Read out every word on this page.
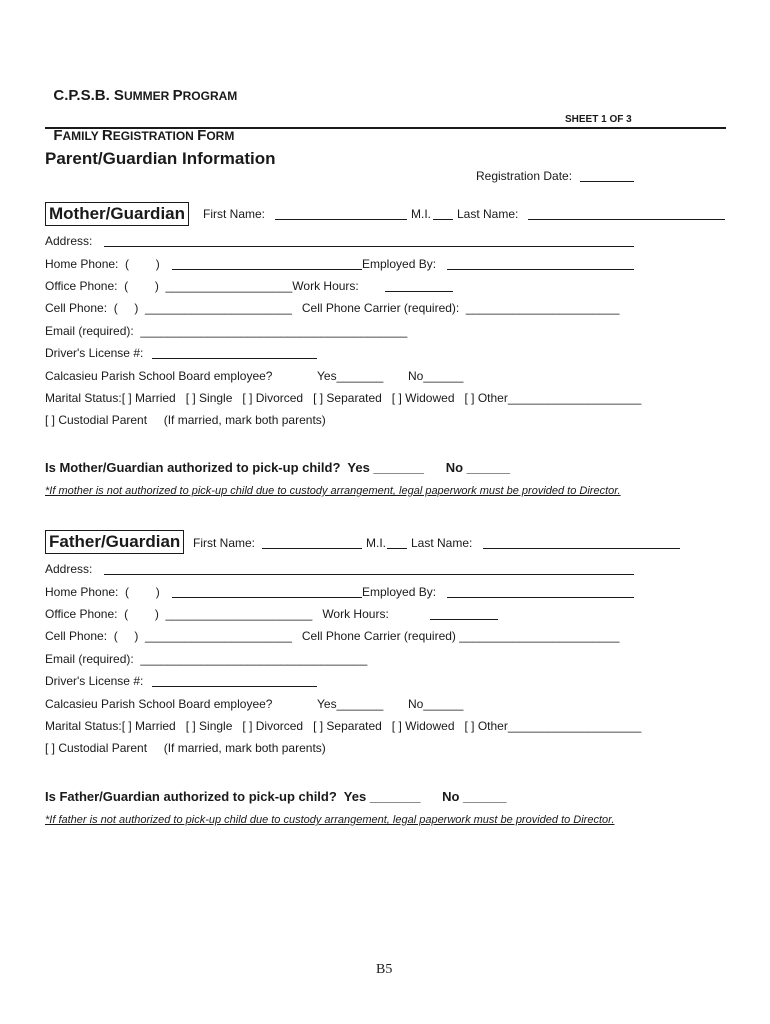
C.P.S.B. SUMMER PROGRAM

FAMILY REGISTRATION FORM

SHEET 1 OF 3
Parent/Guardian Information
Registration Date:
Mother/Guardian	First Name:	M.I. Last Name:
Address:
Home Phone:  (        )	Employed By:
Office Phone:  (        )  ___________________Work Hours:
Cell Phone:  (     )  ______________________   Cell Phone Carrier (required):  _______________________
Email (required):  ________________________________________
Driver's License #:
Calcasieu Parish School Board employee?	Yes_______ No______
Marital Status:[ ] Married   [ ] Single   [ ] Divorced   [ ] Separated   [ ] Widowed   [ ] Other____________________
[ ] Custodial Parent     (If married, mark both parents)
Is Mother/Guardian authorized to pick-up child?  Yes _______      No ______
*If mother is not authorized to pick-up child due to custody arrangement, legal paperwork must be provided to Director.
Father/Guardian	First Name:	M.I. Last Name:
Address:
Home Phone:  (        )	Employed By:
Office Phone:  (        )  ______________________   Work Hours:
Cell Phone:  (     )  ______________________   Cell Phone Carrier (required) ________________________
Email (required):  __________________________________
Driver's License #:
Calcasieu Parish School Board employee?	Yes_______ No______
Marital Status:[ ] Married   [ ] Single   [ ] Divorced   [ ] Separated   [ ] Widowed   [ ] Other____________________
[ ] Custodial Parent     (If married, mark both parents)
Is Father/Guardian authorized to pick-up child?  Yes _______      No ______
*If father is not authorized to pick-up child due to custody arrangement, legal paperwork must be provided to Director.
B5
